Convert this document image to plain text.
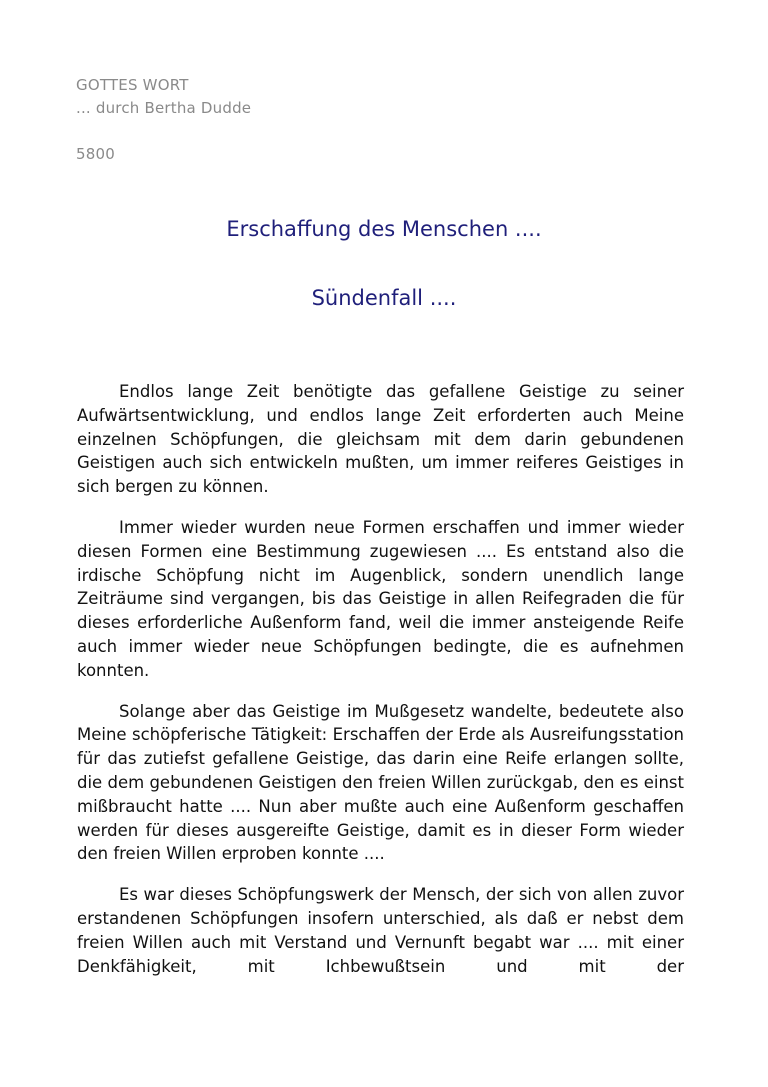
GOTTES WORT

... durch Bertha Dudde

5800

Erschaffung des Menschen ....
Sündenfall ....

Endlos lange Zeit benötigte das gefallene Geistige zu seiner Aufwärtsentwicklung, und endlos lange Zeit erforderten auch Meine einzelnen Schöpfungen, die gleichsam mit dem darin gebundenen Geistigen auch sich entwickeln mußten, um immer reiferes Geistiges in sich bergen zu können.

Immer wieder wurden neue Formen erschaffen und immer wieder diesen Formen eine Bestimmung zugewiesen .... Es entstand also die irdische Schöpfung nicht im Augenblick, sondern unendlich lange Zeiträume sind vergangen, bis das Geistige in allen Reifegraden die für dieses erforderliche Außenform fand, weil die immer ansteigende Reife auch immer wieder neue Schöpfungen bedingte, die es aufnehmen konnten.

Solange aber das Geistige im Mußgesetz wandelte, bedeutete also Meine schöpferische Tätigkeit: Erschaffen der Erde als Ausreifungsstation für das zutiefst gefallene Geistige, das darin eine Reife erlangen sollte, die dem gebundenen Geistigen den freien Willen zurückgab, den es einst mißbraucht hatte .... Nun aber mußte auch eine Außenform geschaffen werden für dieses ausgereifte Geistige, damit es in dieser Form wieder den freien Willen erproben konnte ....

Es war dieses Schöpfungswerk der Mensch, der sich von allen zuvor erstandenen Schöpfungen insofern unterschied, als daß er nebst dem freien Willen auch mit Verstand und Vernunft begabt war .... mit einer Denkfähigkeit, mit Ichbewußtsein und mit der
